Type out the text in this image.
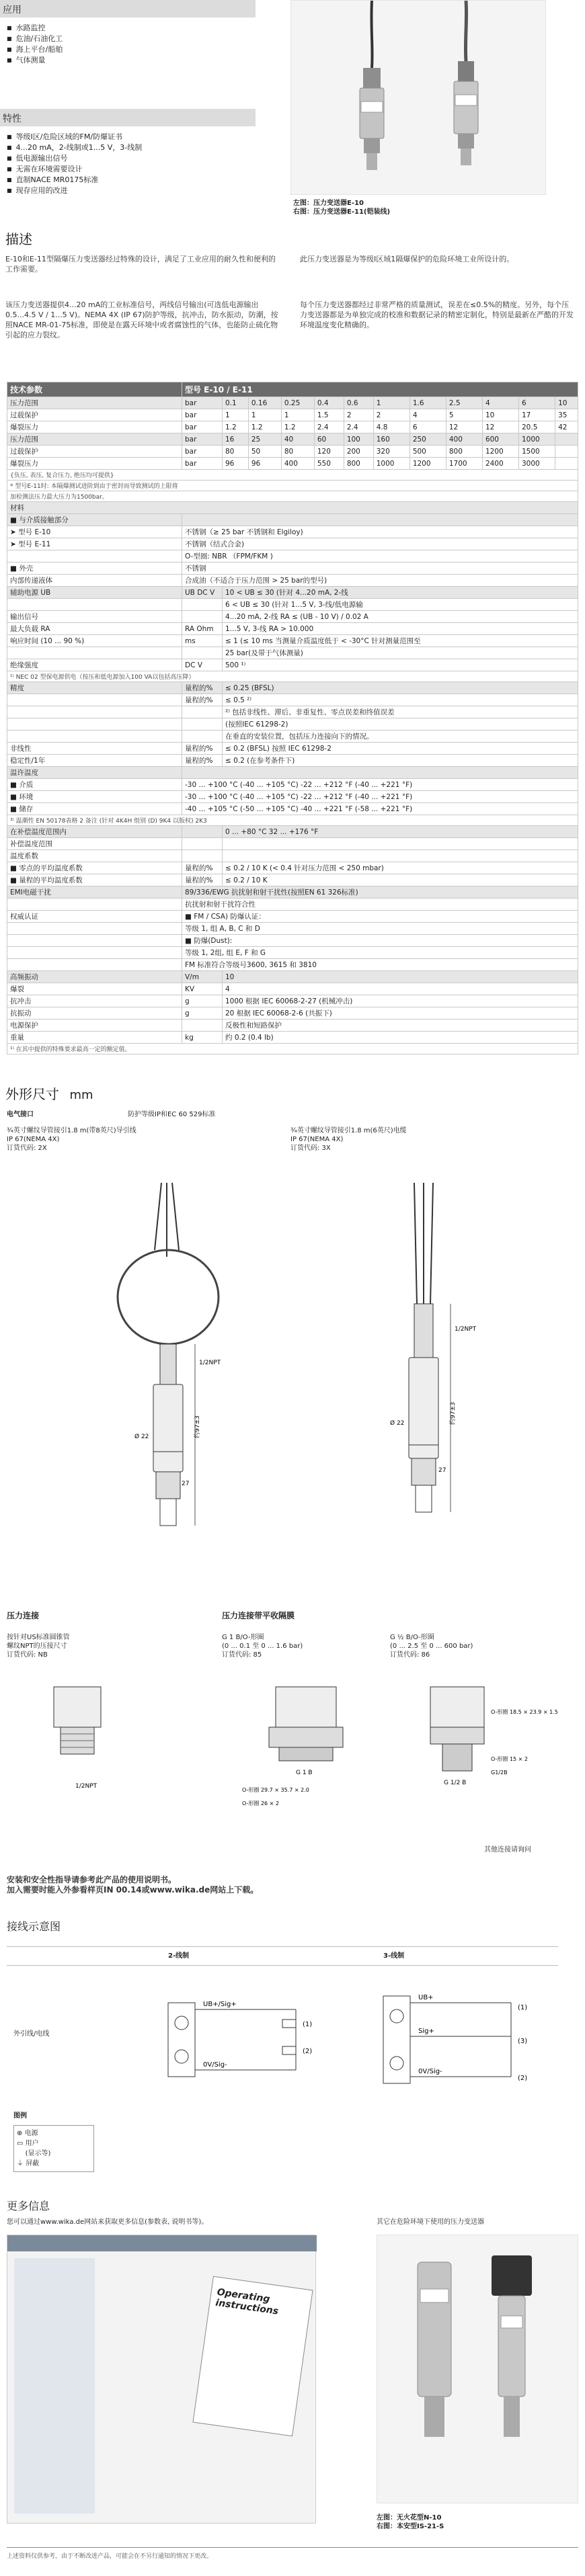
应用
■ 水路监控
■ 危油/石油化工
■ 海上平台/船舶
■ 气体测量
特性
■ 等级I区/危险区域的FM/防爆证书
■ 4...20 mA，2-线制或1...5 V，3-线制
■ 低电源输出信号
■ 无需在环境需要设计
■ 直制NACE MR0175标准
■ 现存应用的改进
左图：压力变送器E-10
右图：压力变送器E-11(铠装线)
描述
E-10和E-11型隔爆压力变送器经过特殊的设计，满足了工业应用的耐久性和便利的工作需要。
此压力变送器是为等级I区域1隔爆保护的危险环境工业所设计的。
该压力变送器提供4...20 mA的工业标准信号，两线信号输出(可选低电源输出0.5...4.5 V / 1...5 V)。NEMA 4X (IP 67)防护等级，抗冲击，防水振动，防潮，按照NACE MR-01-75标准，即使是在露天环境中或者腐蚀性的气体，也能防止硫化物引起的应力裂纹。
每个压力变送器都经过非常严格的质量测试，误差在≤0.5%的精度。另外，每个压力变送器都是为单独完成的校准和数据记录的精密定制化，特别是最新在严酷的开发环境温度变化精确的。
技术参数	型号 E-10 / E-11											
压力范围	bar	0.1	0.16	0.25	0.4	0.6	1	1.6	2.5	4	6	10
过载保护	bar	1	1	1	1.5	2	2	4	5	10	17	35
爆裂压力	bar	1.2	1.2	1.2	2.4	2.4	4.8	6	12	12	20.5	42
压力范围	bar	16	25	40	60	100	160	250	400	600	1000	
过载保护	bar	80	50	80	120	200	320	500	800	1200	1500	
爆裂压力	bar	96	96	400	550	800	1000	1200	1700	2400	3000	
{负压, 表压, 复合压力, 绝压均可提供}												
* 型号E-11时: 本隔爆测试进阶到由于密封而导致测试的上限将												
加检测法压力最大压力为1500bar。												
材料												
■ 与介质接触部分												
➤ 型号 E-10	不锈钢（≥ 25 bar 不锈钢和 Elgiloy)											
➤ 型号 E-11	不锈钢（结式合金)											
	O-型圈: NBR （FPM/FKM )											
■ 外壳	不锈钢											
内部传递液体	合成油（不适合于压力范围 > 25 bar的型号)											
辅助电源 UB	UB DC V	10 < UB ≤ 30 (针对 4...20 mA, 2-线										
		6 < UB ≤ 30 (针对 1...5 V, 3-线/低电源输										
输出信号		4...20 mA, 2-线 RA ≤ (UB - 10 V) / 0.02 A										
最大负载 RA	RA Ohm	1...5 V, 3-线 RA > 10.000										
响应时间 (10 ... 90 %)	ms	≤ 1 (≤ 10 ms 当测量介质温度低于 < -30°C 针对测量范围至										
		25 bar(及带于气体测量)										
绝缘强度	DC V	500 ¹⁾										
¹⁾ NEC 02 型保电源供电（按压和低电源加入100 VA以包括高压降）												
精度	量程的%	≤ 0.25 (BFSL)										
	量程的%	≤ 0.5 ²⁾										
		²⁾ 包括非线性、滞后、非重复性、零点误差和终值误差										
		(按照IEC 61298-2)										
		在垂直的安装位置，包括压力连接向下的情况。										
非线性	量程的%	≤ 0.2 (BFSL) 按照 IEC 61298-2										
稳定性/1年	量程的%	≤ 0.2 (在参考条件下)										
温许温度												
■ 介质	-30 ... +100 °C (-40 ... +105 °C) -22 ... +212 °F (-40 ... +221 °F)											
■ 环境	-30 ... +100 °C (-40 ... +105 °C) -22 ... +212 °F (-40 ... +221 °F)											
■ 储存	-40 ... +105 °C (-50 ... +105 °C) -40 ... +221 °F (-58 ... +221 °F)											
³⁾ 温潮性 EN 50178表格 2 备注 (针对 4K4H 组别 (D) 9K4 以版权) 2K3												
在补偿温度范围内		0 ... +80 °C 32 ... +176 °F										
补偿温度范围												
温度系数												
■ 零点的平均温度系数	量程的%	≤ 0.2 / 10 K (< 0.4 针对压力范围 < 250 mbar)										
■ 量程的平均温度系数	量程的%	≤ 0.2 / 10 K										
EMI电磁干扰	89/336/EWG 抗扰射和射干扰性(按照EN 61 326标准)											
	抗扰射和射干扰符合性											
权威认证	■ FM / CSA) 防爆认证：											
	等级 1, 组 A, B, C 和 D											
	■ 防爆(Dust):											
	等级 1, 2组, 组 E, F 和 G											
	FM 标准符合等级号3600, 3615 和 3810											
高频振动	V/m	10										
爆裂	KV	4										
抗冲击	g	1000 根据 IEC 60068-2-27 (机械冲击)										
抗振动	g	20 根据 IEC 60068-2-6 (共振下)										
电源保护		反极性和短路保护										
重量	kg	约 0.2 (0.4 lb)										
¹⁾ 在其中提供的特殊要求最高一定的额定值。												
外形尺寸 mm
电气接口	防护等级IP和EC 60 529标准
¾英寸螺纹导管接引1.8 m(带8英尺)导引线
IP 67(NEMA 4X)
订货代码: 2X
¾英寸螺纹导管接引1.8 m(6英尺)电缆
IP 67(NEMA 4X)
订货代码: 3X
1/2NPT
约97±3
Ø 22
27
1/2NPT
约97±3
Ø 22
27
压力连接	压力连接带平收隔膜
按针对US标准圆锥管
螺纹NPT的压接尺寸
订货代码: NB
G 1 B/O-形圈
(0 ... 0.1 至 0 ... 1.6 bar)
订货代码: 85
G ½ B/O-形圈
(0 ... 2.5 至 0 ... 600 bar)
订货代码: 86
1/2NPT
G 1 B
O-形圈 29.7 × 35.7 × 2.0
O-形圈 26 × 2
G 1/2 B
O-形圈 18.5 × 23.9 × 1.5
O-形圈 15 × 2
G1/2B
其他连接请询问
安装和安全性指导请参考此产品的使用说明书。
加入需要时能入外参看样页IN 00.14或www.wika.de网站上下载。
接线示意图
2-线制	3-线制
外引线/电线
UB+/Sig+
0V/Sig-
(1)
(2)
UB+
Sig+
0V/Sig-
(1)
(3)
(2)
图例
⊕ 电源
▭ 用户
(显示等)
⏚ 屏蔽
更多信息
您可以通过www.wika.de网站来获取更多信息(参数表, 说明书等)。	其它在危险环境下使用的压力变送器
Operating instructions
左图：无火花型N-10
右图：本安型IS-21-S
上述资料仅供参考，由于不断改进产品，可能会在不另行通知的情况下更改。
